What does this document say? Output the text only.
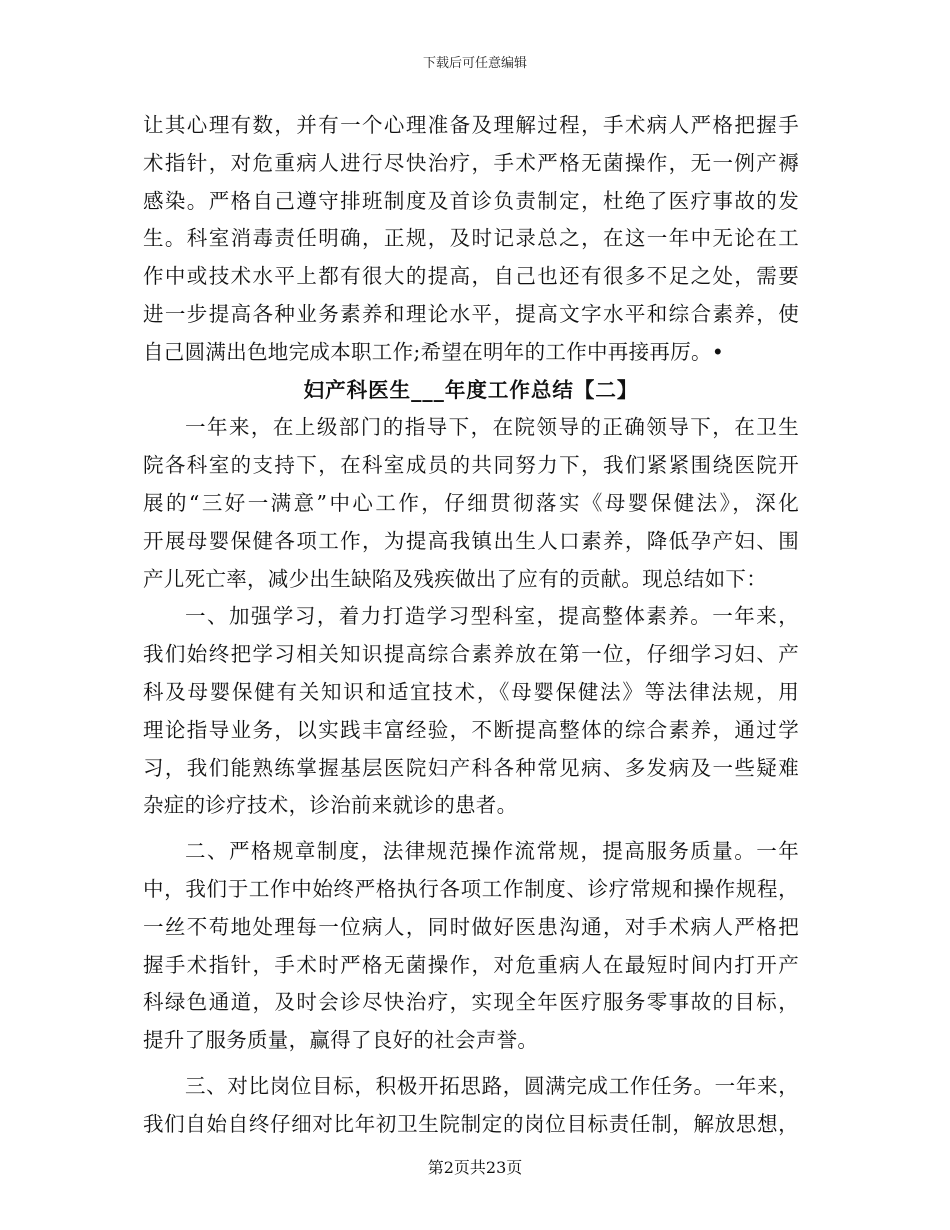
下载后可任意编辑
让其心理有数，并有一个心理准备及理解过程，手术病人严格把握手
术指针，对危重病人进行尽快治疗，手术严格无菌操作，无一例产褥
感染。严格自己遵守排班制度及首诊负责制定，杜绝了医疗事故的发
生。科室消毒责任明确，正规，及时记录总之，在这一年中无论在工
作中或技术水平上都有很大的提高，自己也还有很多不足之处，需要
进一步提高各种业务素养和理论水平，提高文字水平和综合素养，使
自己圆满出色地完成本职工作;希望在明年的工作中再接再厉。•
妇产科医生___年度工作总结【二】
一年来，在上级部门的指导下，在院领导的正确领导下，在卫生
院各科室的支持下，在科室成员的共同努力下，我们紧紧围绕医院开
展的“三好一满意”中心工作，仔细贯彻落实《母婴保健法》，深化
开展母婴保健各项工作，为提高我镇出生人口素养，降低孕产妇、围
产儿死亡率，减少出生缺陷及残疾做出了应有的贡献。现总结如下：
一、加强学习，着力打造学习型科室，提高整体素养。一年来，
我们始终把学习相关知识提高综合素养放在第一位，仔细学习妇、产
科及母婴保健有关知识和适宜技术，《母婴保健法》等法律法规，用
理论指导业务，以实践丰富经验，不断提高整体的综合素养，通过学
习，我们能熟练掌握基层医院妇产科各种常见病、多发病及一些疑难
杂症的诊疗技术，诊治前来就诊的患者。
二、严格规章制度，法律规范操作流常规，提高服务质量。一年
中，我们于工作中始终严格执行各项工作制度、诊疗常规和操作规程，
一丝不苟地处理每一位病人，同时做好医患沟通，对手术病人严格把
握手术指针，手术时严格无菌操作，对危重病人在最短时间内打开产
科绿色通道，及时会诊尽快治疗，实现全年医疗服务零事故的目标，
提升了服务质量，赢得了良好的社会声誉。
三、对比岗位目标，积极开拓思路，圆满完成工作任务。一年来，
我们自始自终仔细对比年初卫生院制定的岗位目标责任制，解放思想，
第2页共23页
